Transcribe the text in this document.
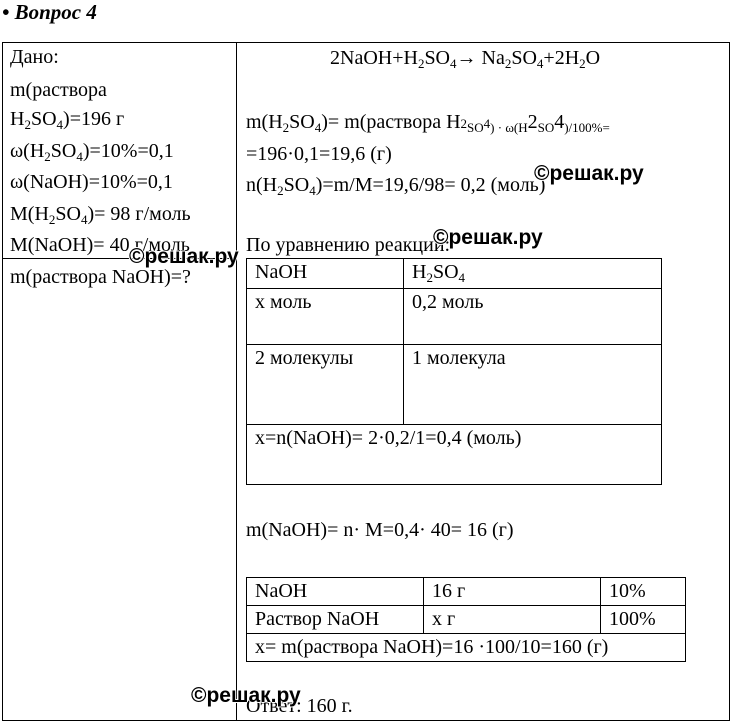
• Вопрос 4
Дано:
m(раствора
$H_2SO_4)=196$ г
$\omega(H_2SO_4)=10\%=0,1$
ω(NaOH)=10%=0,1
$M(H_2SO_4)= 98$ г/моль
M(NaOH)= 40 г/моль
m(раствора NaOH)=?
$2NaOH+H_2SO_4\to Na_2SO_4+2H_2O$
$m(H_2SO_4)=$ m(раствора $H2_{SO}4_{) \cdot \omega(H}2_{SO}4_{)/100\%=}$
=196·0,1=19,6 (г)
$n(H_2SO_4)=m/M=19,6/98= 0,2$ (моль)
По уравнению реакции:
NaOH	$H_2SO_4$
x моль	0,2 моль
2 молекулы	1 молекула
x=n(NaOH)= 2·0,2/1=0,4 (моль)	
m(NaOH)= n· M=0,4· 40= 16 (г)
NaOH	16 г	10%
Раствор NaOH	x г	100%
x= m(раствора NaOH)=16 ·100/10=160 (г)		
Ответ: 160 г.
©решак.ру
©решак.ру
©решак.ру
©решак.ру
